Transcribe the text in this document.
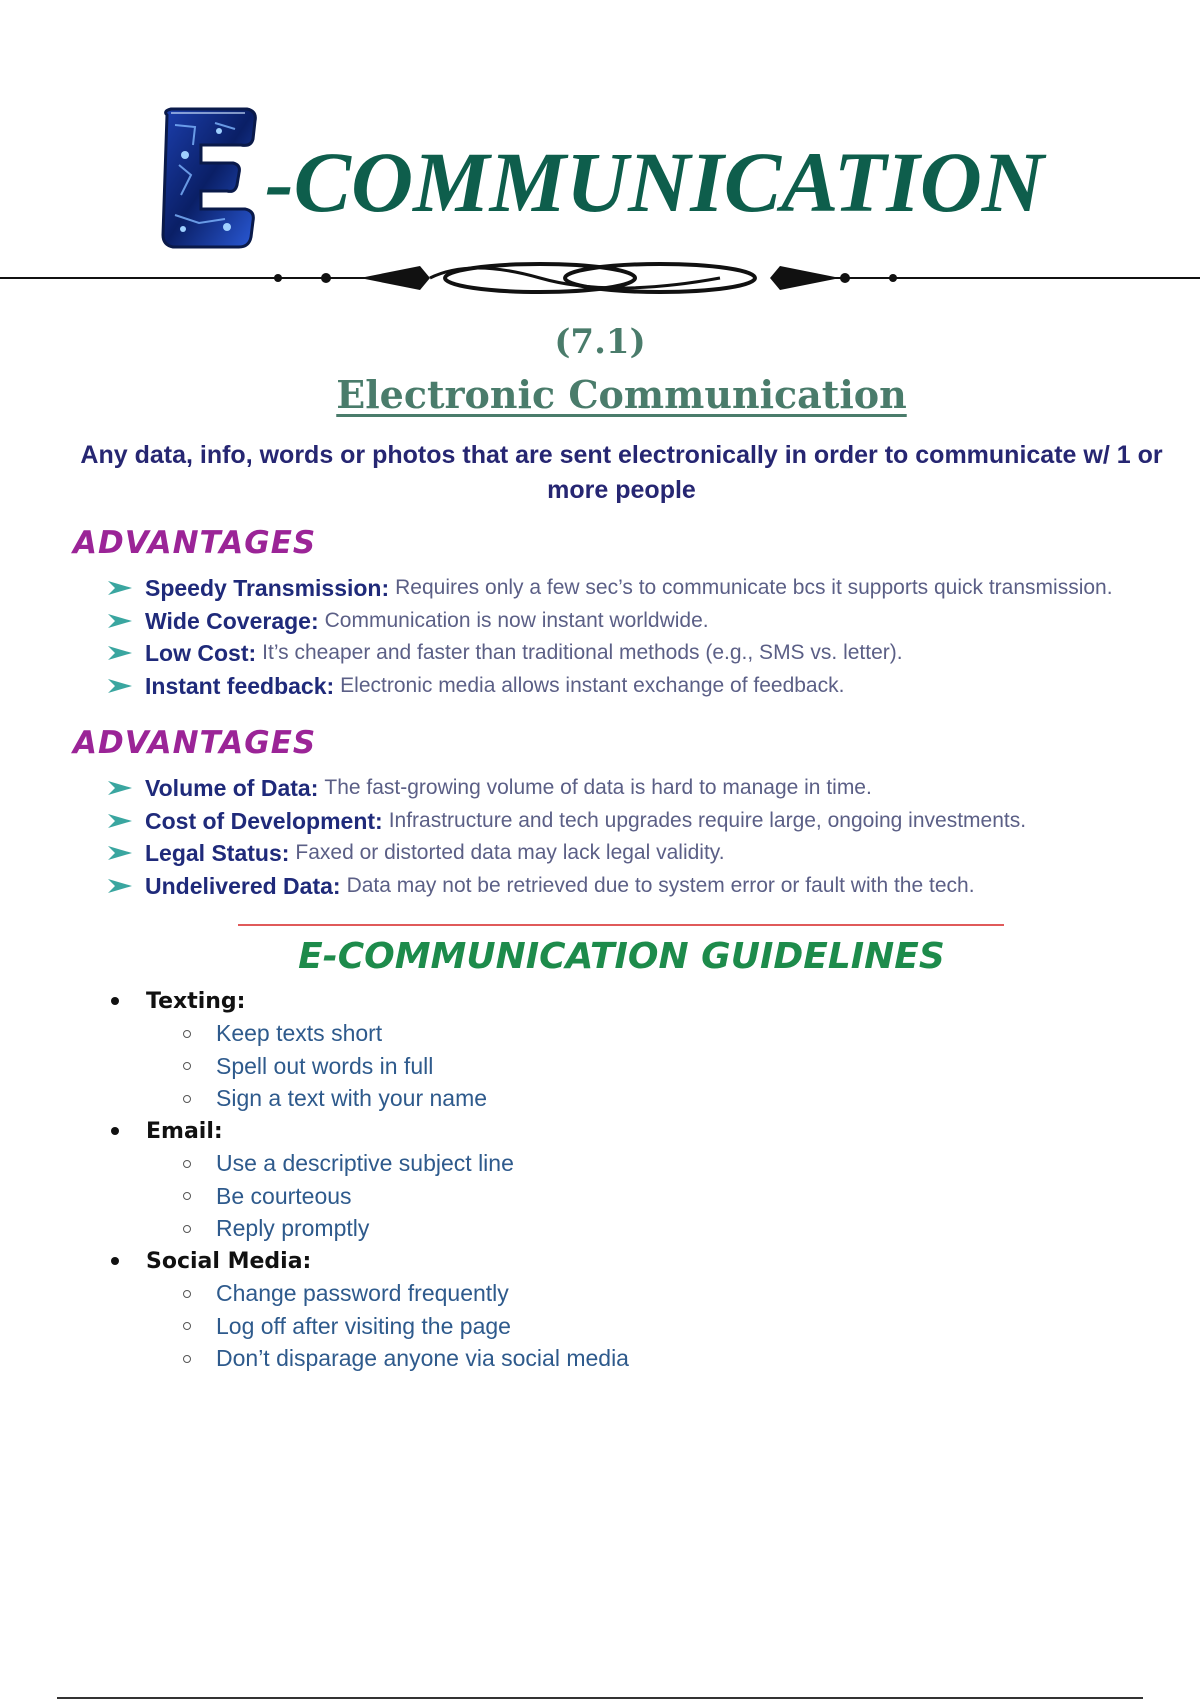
-COMMUNICATION
(7.1)
Electronic Communication
Any data, info, words or photos that are sent electronically in order to communicate w/ 1 or more people
ADVANTAGES
Speedy Transmission: Requires only a few sec’s to communicate bcs it supports quick transmission.
Wide Coverage: Communication is now instant worldwide.
Low Cost: It’s cheaper and faster than traditional methods (e.g., SMS vs. letter).
Instant feedback: Electronic media allows instant exchange of feedback.
ADVANTAGES
Volume of Data: The fast-growing volume of data is hard to manage in time.
Cost of Development: Infrastructure and tech upgrades require large, ongoing investments.
Legal Status: Faxed or distorted data may lack legal validity.
Undelivered Data: Data may not be retrieved due to system error or fault with the tech.
E-COMMUNICATION GUIDELINES
Texting:
Keep texts short
Spell out words in full
Sign a text with your name
Email:
Use a descriptive subject line
Be courteous
Reply promptly
Social Media:
Change password frequently
Log off after visiting the page
Don’t disparage anyone via social media
